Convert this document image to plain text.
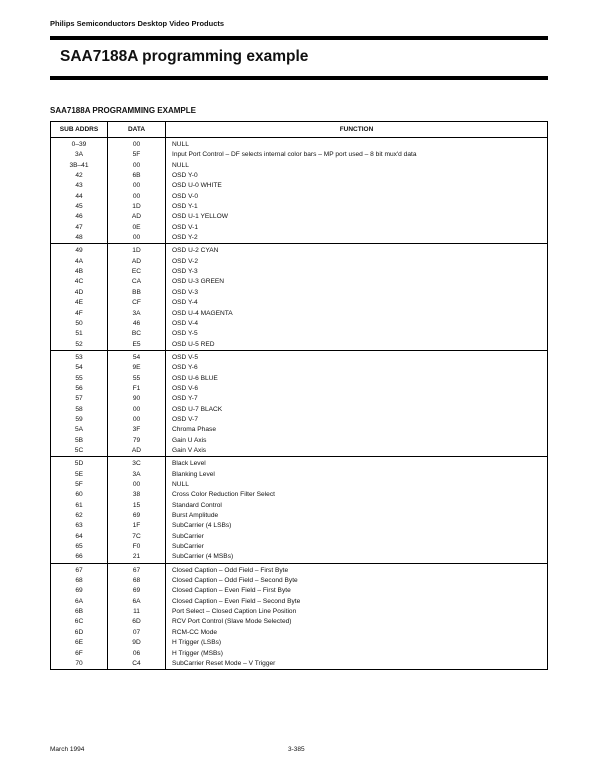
Philips Semiconductors Desktop Video Products
SAA7188A programming example
SAA7188A PROGRAMMING EXAMPLE
SUB ADDRS	DATA	FUNCTION
0–39	00	NULL
3A	5F	Input Port Control – DF selects internal color bars – MP port used – 8 bit mux'd data
3B–41	00	NULL
42	6B	OSD Y-0
43	00	OSD U-0 WHITE
44	00	OSD V-0
45	1D	OSD Y-1
46	AD	OSD U-1 YELLOW
47	0E	OSD V-1
48	00	OSD Y-2
49	1D	OSD U-2 CYAN
4A	AD	OSD V-2
4B	EC	OSD Y-3
4C	CA	OSD U-3 GREEN
4D	BB	OSD V-3
4E	CF	OSD Y-4
4F	3A	OSD U-4 MAGENTA
50	46	OSD V-4
51	BC	OSD Y-5
52	E5	OSD U-5 RED
53	54	OSD V-5
54	9E	OSD Y-6
55	55	OSD U-6 BLUE
56	F1	OSD V-6
57	90	OSD Y-7
58	00	OSD U-7 BLACK
59	00	OSD V-7
5A	3F	Chroma Phase
5B	79	Gain U Axis
5C	AD	Gain V Axis
5D	3C	Black Level
5E	3A	Blanking Level
5F	00	NULL
60	38	Cross Color Reduction Filter Select
61	15	Standard Control
62	69	Burst Amplitude
63	1F	SubCarrier (4 LSBs)
64	7C	SubCarrier
65	F0	SubCarrier
66	21	SubCarrier (4 MSBs)
67	67	Closed Caption – Odd Field – First Byte
68	68	Closed Caption – Odd Field – Second Byte
69	69	Closed Caption – Even Field – First Byte
6A	6A	Closed Caption – Even Field – Second Byte
6B	11	Port Select – Closed Caption Line Position
6C	6D	RCV Port Control (Slave Mode Selected)
6D	07	RCM-CC Mode
6E	9D	H Trigger (LSBs)
6F	06	H Trigger (MSBs)
70	C4	SubCarrier Reset Mode – V Trigger
March 1994	3-385
